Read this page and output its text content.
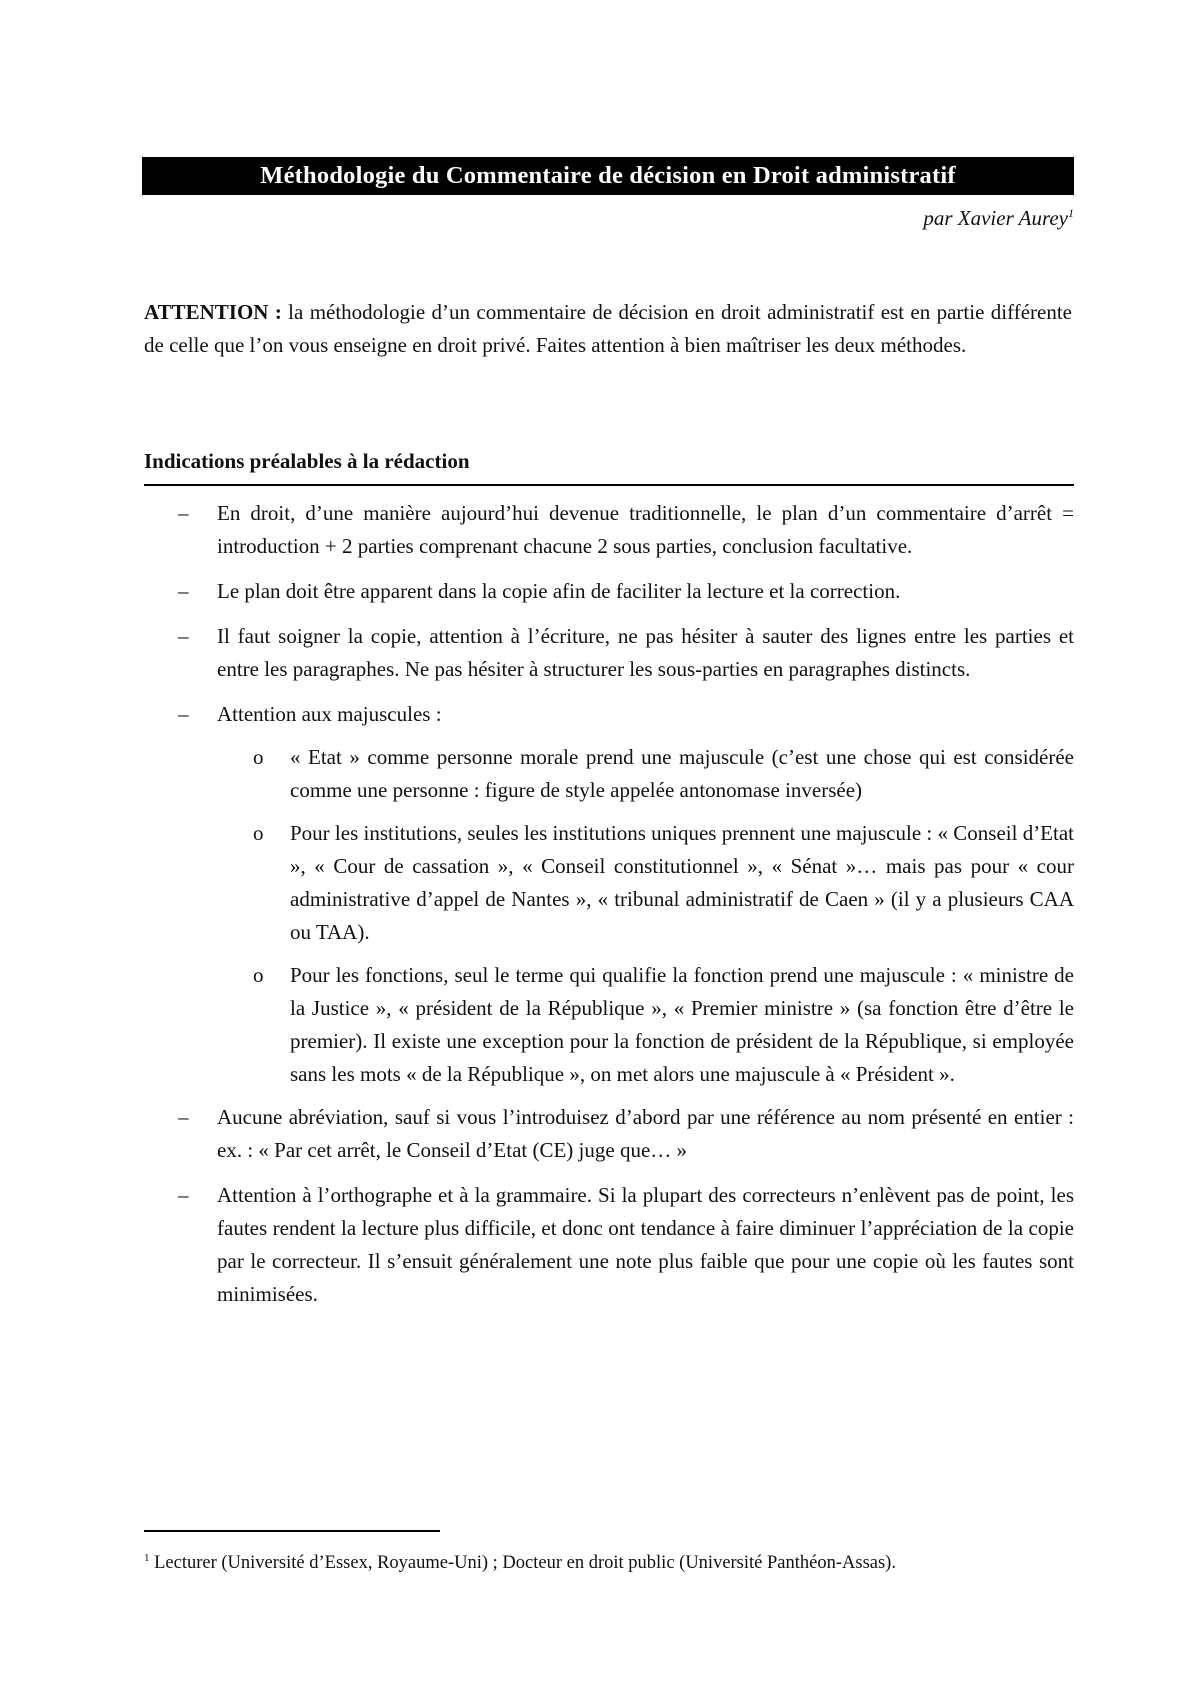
Méthodologie du Commentaire de décision en Droit administratif
par Xavier Aurey$^1$
ATTENTION : la méthodologie d’un commentaire de décision en droit administratif est en partie différente de celle que l’on vous enseigne en droit privé. Faites attention à bien maîtriser les deux méthodes.
Indications préalables à la rédaction
– En droit, d’une manière aujourd’hui devenue traditionnelle, le plan d’un commentaire d’arrêt = introduction + 2 parties comprenant chacune 2 sous parties, conclusion facultative.
– Le plan doit être apparent dans la copie afin de faciliter la lecture et la correction.
– Il faut soigner la copie, attention à l’écriture, ne pas hésiter à sauter des lignes entre les parties et entre les paragraphes. Ne pas hésiter à structurer les sous-parties en paragraphes distincts.
– Attention aux majuscules :
o « Etat » comme personne morale prend une majuscule (c’est une chose qui est considérée comme une personne : figure de style appelée antonomase inversée)
o Pour les institutions, seules les institutions uniques prennent une majuscule : « Conseil d’Etat », « Cour de cassation », « Conseil constitutionnel », « Sénat »… mais pas pour « cour administrative d’appel de Nantes », « tribunal administratif de Caen » (il y a plusieurs CAA ou TAA).
o Pour les fonctions, seul le terme qui qualifie la fonction prend une majuscule : « ministre de la Justice », « président de la République », « Premier ministre » (sa fonction être d’être le premier). Il existe une exception pour la fonction de président de la République, si employée sans les mots « de la République », on met alors une majuscule à « Président ».
– Aucune abréviation, sauf si vous l’introduisez d’abord par une référence au nom présenté en entier : ex. : « Par cet arrêt, le Conseil d’Etat (CE) juge que… »
– Attention à l’orthographe et à la grammaire. Si la plupart des correcteurs n’enlèvent pas de point, les fautes rendent la lecture plus difficile, et donc ont tendance à faire diminuer l’appréciation de la copie par le correcteur. Il s’ensuit généralement une note plus faible que pour une copie où les fautes sont minimisées.
$^1$ Lecturer (Université d’Essex, Royaume-Uni) ; Docteur en droit public (Université Panthéon-Assas).
